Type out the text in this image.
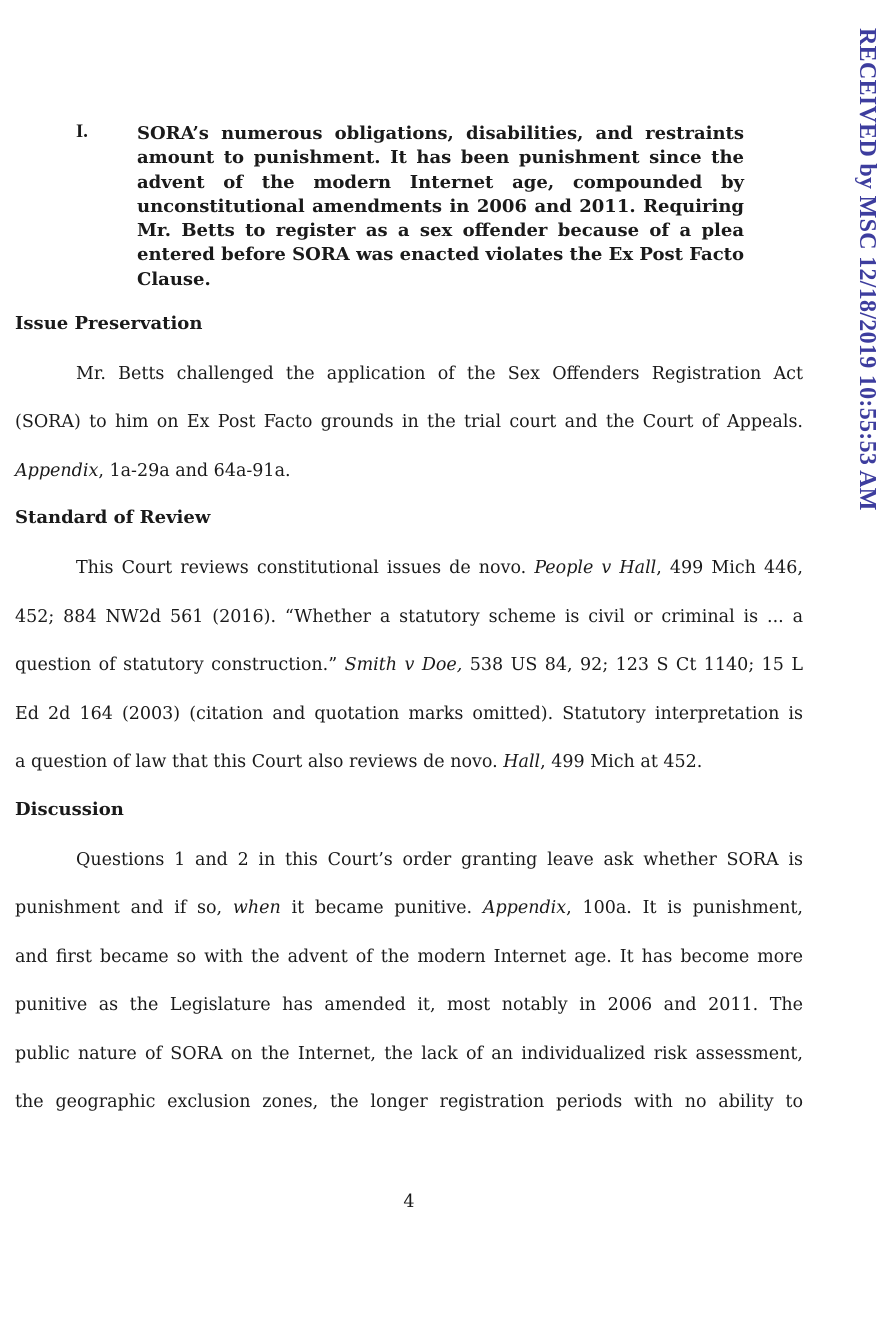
RECEIVED by MSC 12/18/2019 10:55:53 AM
I.	SORA’s numerous obligations, disabilities, and restraints amount to punishment. It has been punishment since the advent of the modern Internet age, compounded by unconstitutional amendments in 2006 and 2011. Requiring Mr. Betts to register as a sex offender because of a plea entered before SORA was enacted violates the Ex Post Facto Clause.
Issue Preservation
Mr. Betts challenged the application of the Sex Offenders Registration Act
(SORA) to him on Ex Post Facto grounds in the trial court and the Court of Appeals.
Appendix, 1a-29a and 64a-91a.
Standard of Review
This Court reviews constitutional issues de novo. People v Hall, 499 Mich 446,
452; 884 NW2d 561 (2016). “Whether a statutory scheme is civil or criminal is ... a
question of statutory construction.” Smith v Doe, 538 US 84, 92; 123 S Ct 1140; 15 L
Ed 2d 164 (2003) (citation and quotation marks omitted). Statutory interpretation is
a question of law that this Court also reviews de novo. Hall, 499 Mich at 452.
Discussion
Questions 1 and 2 in this Court’s order granting leave ask whether SORA is
punishment and if so, when it became punitive. Appendix, 100a. It is punishment,
and first became so with the advent of the modern Internet age. It has become more
punitive as the Legislature has amended it, most notably in 2006 and 2011. The
public nature of SORA on the Internet, the lack of an individualized risk assessment,
the geographic exclusion zones, the longer registration periods with no ability to
4
